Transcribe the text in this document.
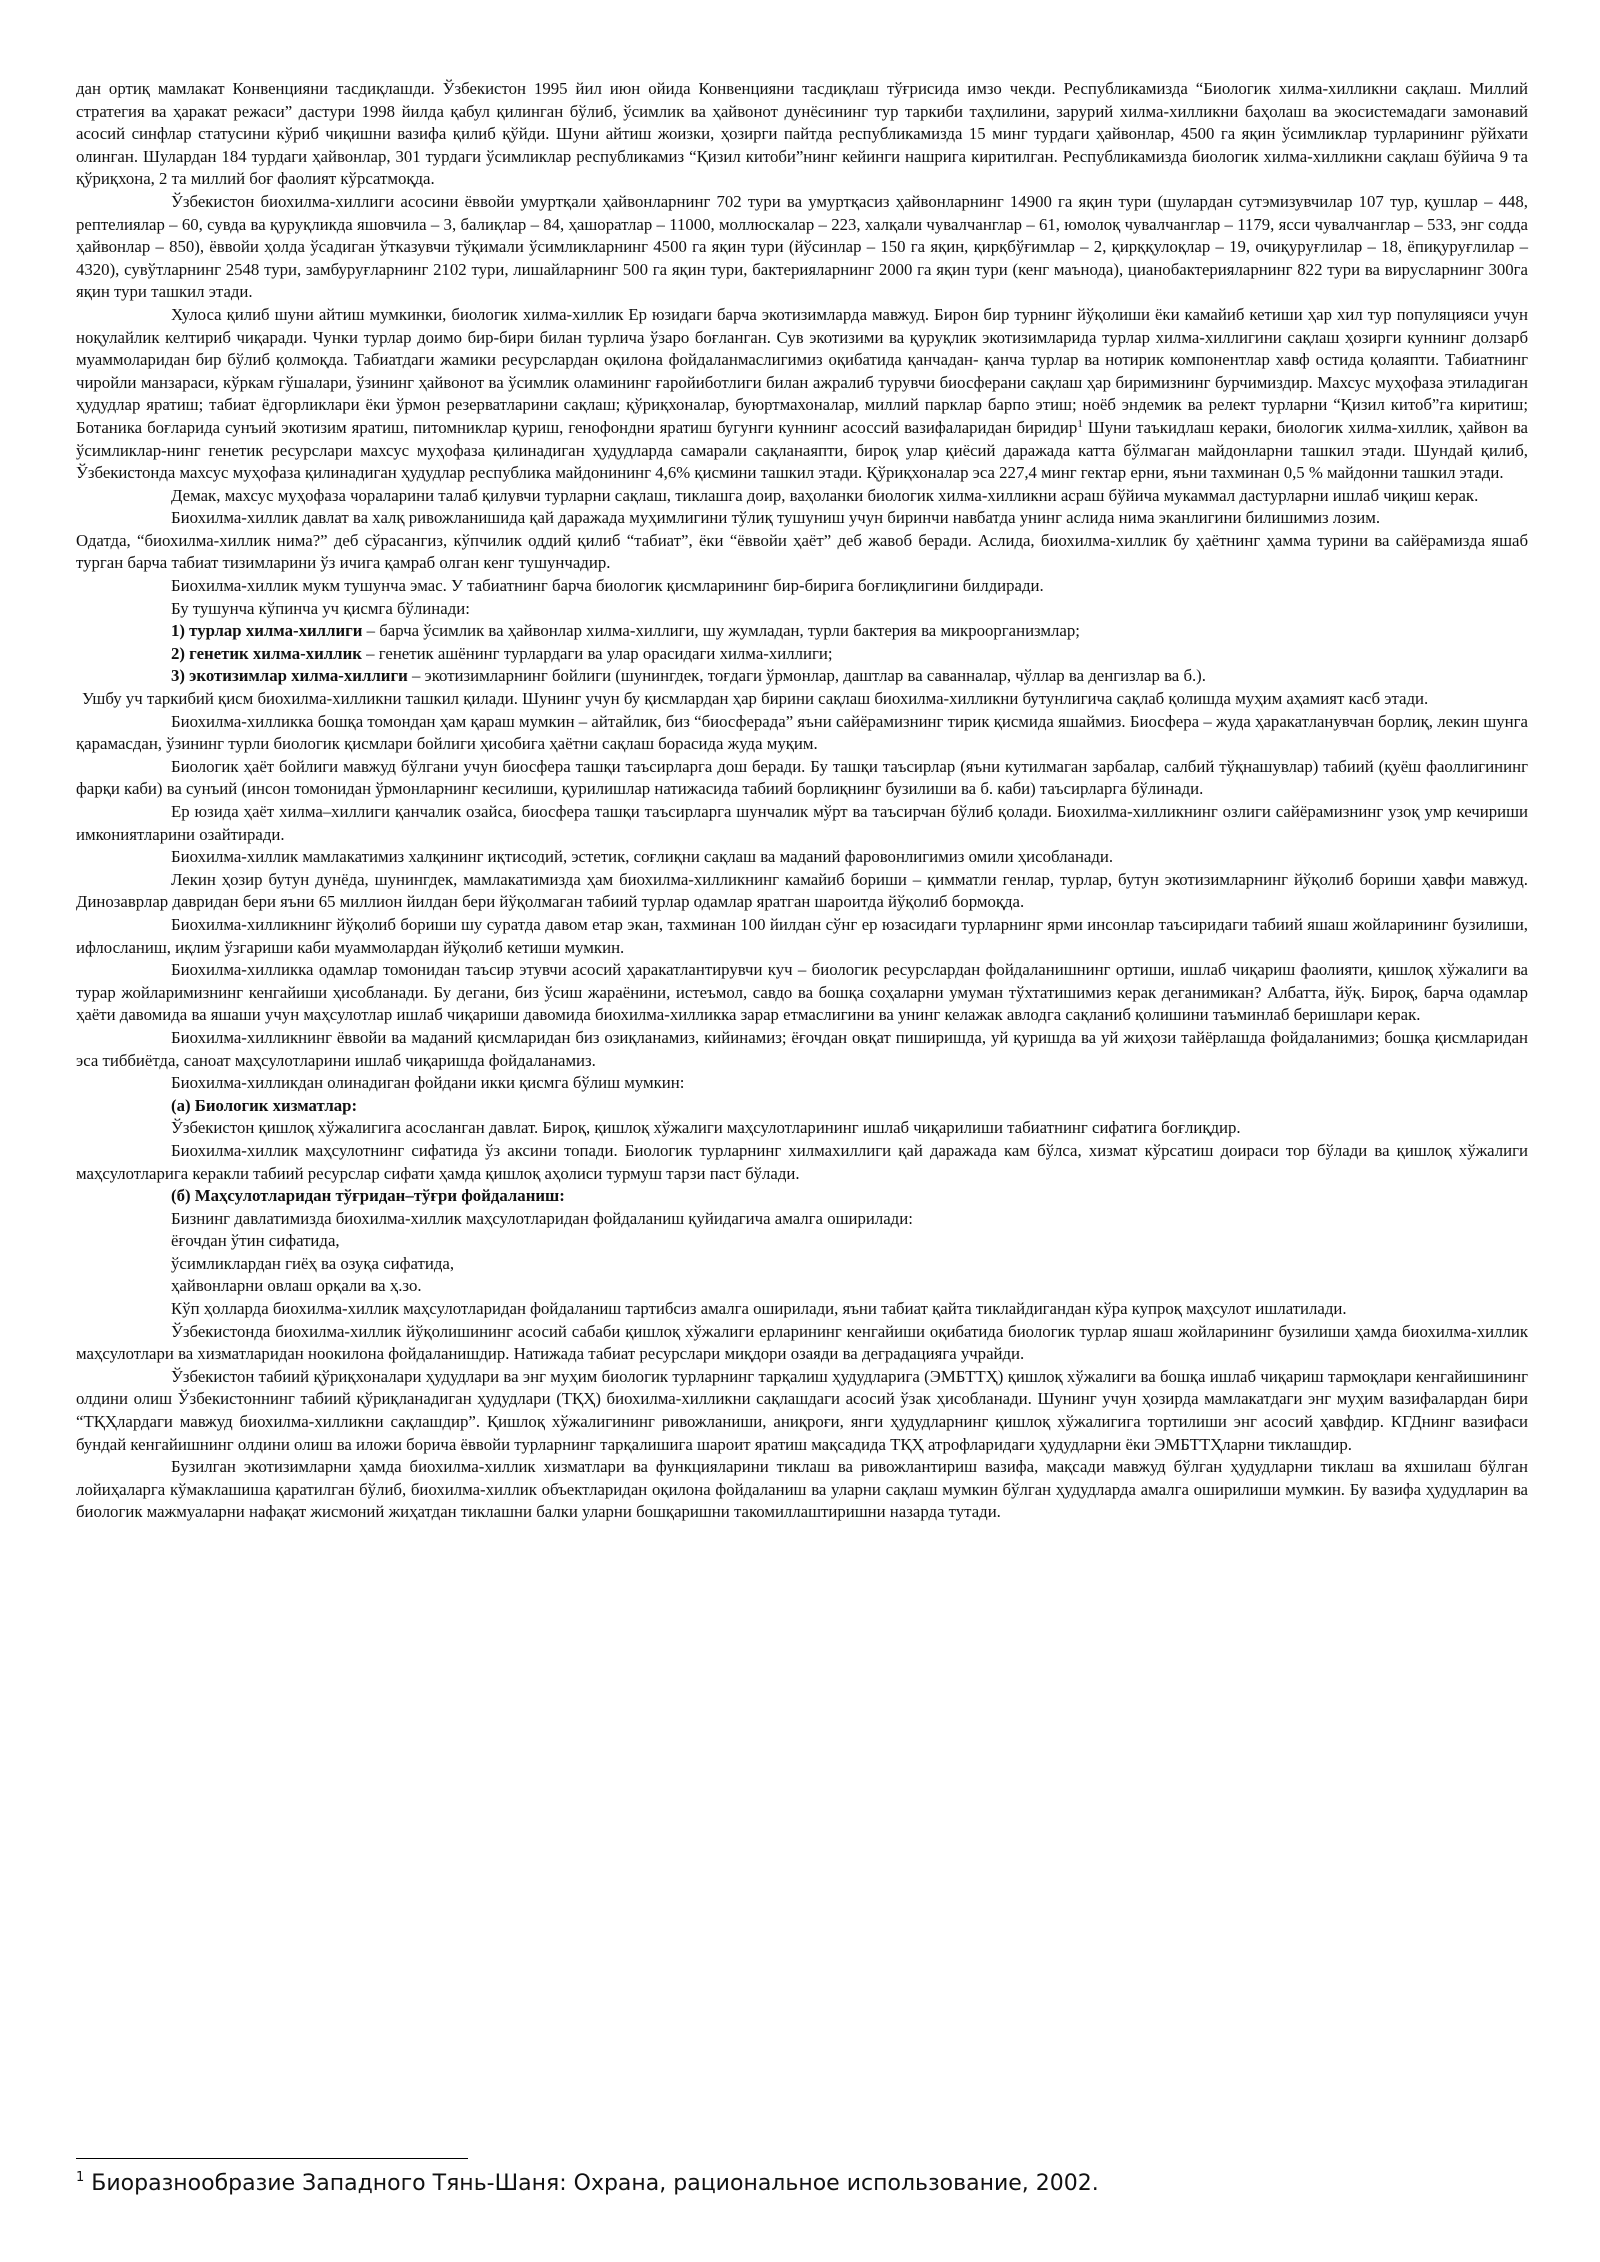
дан ортиқ мамлакат Конвенцияни тасдиқлашди. Ўзбекистон 1995 йил июн ойида Конвенцияни тасдиқлаш тўғрисида имзо чекди. Республикамизда “Биологик хилма-хилликни сақлаш. Миллий стратегия ва ҳаракат режаси” дастури 1998 йилда қабул қилинган бўлиб, ўсимлик ва ҳайвонот дунёсининг тур таркиби таҳлилини, зарурий хилма-хилликни баҳолаш ва экосистемадаги замонавий асосий синфлар статусини кўриб чиқишни вазифа қилиб қўйди. Шуни айтиш жоизки, ҳозирги пайтда республикамизда 15 минг турдаги ҳайвонлар, 4500 га яқин ўсимликлар турларининг рўйхати олинган. Шулардан 184 турдаги ҳайвонлар, 301 турдаги ўсимликлар республикамиз “Қизил китоби”нинг кейинги нашрига киритилган. Республикамизда биологик хилма-хилликни сақлаш бўйича 9 та қўриқхона, 2 та миллий боғ фаолият кўрсатмоқда.

Ўзбекистон биохилма-хиллиги асосини ёввойи умуртқали ҳайвонларнинг 702 тури ва умуртқасиз ҳайвонларнинг 14900 га яқин тури (шулардан сутэмизувчилар 107 тур, қушлар – 448, рептелиялар – 60, сувда ва қуруқликда яшовчила – 3, балиқлар – 84, ҳашоратлар – 11000, моллюскалар – 223, халқали чувалчанглар – 61, юмолоқ чувалчанглар – 1179, ясси чувалчанглар – 533, энг содда ҳайвонлар – 850), ёввойи ҳолда ўсадиган ўтказувчи тўқимали ўсимликларнинг 4500 га яқин тури (йўсинлар – 150 га яқин, қирқбўғимлар – 2, қирққулоқлар – 19, очиқуруғлилар – 18, ёпиқуруғлилар – 4320), сувўтларнинг 2548 тури, замбуруғларнинг 2102 тури, лишайларнинг 500 га яқин тури, бактерияларнинг 2000 га яқин тури (кенг маънода), цианобактерияларнинг 822 тури ва вирусларнинг 300га яқин тури ташкил этади.

Хулоса қилиб шуни айтиш мумкинки, биологик хилма-хиллик Ер юзидаги барча экотизимларда мавжуд. Бирон бир турнинг йўқолиши ёки камайиб кетиши ҳар хил тур популяцияси учун ноқулайлик келтириб чиқаради. Чунки турлар доимо бир-бири билан турлича ўзаро боғланган. Сув экотизими ва қуруқлик экотизимларида турлар хилма-хиллигини сақлаш ҳозирги куннинг долзарб муаммоларидан бир бўлиб қолмоқда. Табиатдаги жамики ресурслардан оқилона фойдаланмаслигимиз оқибатида қанчадан- қанча турлар ва нотирик компонентлар хавф остида қолаяпти. Табиатнинг чиройли манзараси, кўркам гўшалари, ўзининг ҳайвонот ва ўсимлик оламининг ғаройиботлиги билан ажралиб турувчи биосферани сақлаш ҳар биримизнинг бурчимиздир. Махсус муҳофаза этиладиган ҳудудлар яратиш; табиат ёдгорликлари ёки ўрмон резерватларини сақлаш; қўриқхоналар, буюртмахоналар, миллий парклар барпо этиш; ноёб эндемик ва релект турларни “Қизил китоб”га киритиш; Ботаника боғларида сунъий экотизим яратиш, питомниклар қуриш, генофондни яратиш бугунги куннинг асоссий вазифаларидан биридир$^1$ Шуни таъкидлаш кераки, биологик хилма-хиллик, ҳайвон ва ўсимликлар-нинг генетик ресурслари махсус муҳофаза қилинадиган ҳудудларда самарали сақланаяпти, бироқ улар қиёсий даражада катта бўлмаган майдонларни ташкил этади. Шундай қилиб, Ўзбекистонда махсус муҳофаза қилинадиган ҳудудлар республика майдонининг 4,6% қисмини ташкил этади. Қўриқхоналар эса 227,4 минг гектар ерни, яъни тахминан 0,5 % майдонни ташкил этади.

Демак, махсус муҳофаза чораларини талаб қилувчи турларни сақлаш, тиклашга доир, ваҳоланки биологик хилма-хилликни асраш бўйича мукаммал дастурларни ишлаб чиқиш керак.

Биохилма-хиллик давлат ва халқ ривожланишида қай даражада муҳимлигини тўлиқ тушуниш учун биринчи навбатда унинг аслида нима эканлигини билишимиз лозим.

Одатда, “биохилма-хиллик нима?” деб сўрасангиз, кўпчилик оддий қилиб “табиат”, ёки “ёввойи ҳаёт” деб жавоб беради. Аслида, биохилма-хиллик бу ҳаётнинг ҳамма турини ва сайёрамизда яшаб турган барча табиат тизимларини ўз ичига қамраб олган кенг тушунчадир.

Биохилма-хиллик мукм тушунча эмас. У табиатнинг барча биологик қисмларининг бир-бирига боғлиқлигини билдиради.

Бу тушунча кўпинча уч қисмга бўлинади:

1) турлар хилма-хиллиги – барча ўсимлик ва ҳайвонлар хилма-хиллиги, шу жумладан, турли бактерия ва микроорганизмлар;

2) генетик хилма-хиллик – генетик ашёнинг турлардаги ва улар орасидаги хилма-хиллиги;

3) экотизимлар хилма-хиллиги – экотизимларнинг бойлиги (шунингдек, тоғдаги ўрмонлар, даштлар ва саванналар, чўллар ва денгизлар ва б.).

Ушбу уч таркибий қисм биохилма-хилликни ташкил қилади. Шунинг учун бу қисмлардан ҳар бирини сақлаш биохилма-хилликни бутунлигича сақлаб қолишда муҳим аҳамият касб этади.

Биохилма-хилликка бошқа томондан ҳам қараш мумкин – айтайлик, биз “биосферада” яъни сайёрамизнинг тирик қисмида яшаймиз. Биосфера – жуда ҳаракатланувчан борлиқ, лекин шунга қарамасдан, ўзининг турли биологик қисмлари бойлиги ҳисобига ҳаётни сақлаш борасида жуда муқим.

Биологик ҳаёт бойлиги мавжуд бўлгани учун биосфера ташқи таъсирларга дош беради. Бу ташқи таъсирлар (яъни кутилмаган зарбалар, салбий тўқнашувлар) табиий (қуёш фаоллигининг фарқи каби) ва сунъий (инсон томонидан ўрмонларнинг кесилиши, қурилишлар натижасида табиий борлиқнинг бузилиши ва б. каби) таъсирларга бўлинади.

Ер юзида ҳаёт хилма–хиллиги қанчалик озайса, биосфера ташқи таъсирларга шунчалик мўрт ва таъсирчан бўлиб қолади. Биохилма-хилликнинг озлиги сайёрамизнинг узоқ умр кечириши имкониятларини озайтиради.

Биохилма-хиллик мамлакатимиз халқининг иқтисодий, эстетик, соғлиқни сақлаш ва маданий фаровонлигимиз омили ҳисобланади.

Лекин ҳозир бутун дунёда, шунингдек, мамлакатимизда ҳам биохилма-хилликнинг камайиб бориши – қимматли генлар, турлар, бутун экотизимларнинг йўқолиб бориши ҳавфи мавжуд. Динозаврлар давридан бери яъни 65 миллион йилдан бери йўқолмаган табиий турлар одамлар яратган шароитда йўқолиб бормоқда.

Биохилма-хилликнинг йўқолиб бориши шу суратда давом етар экан, тахминан 100 йилдан сўнг ер юзасидаги турларнинг ярми инсонлар таъсиридаги табиий яшаш жойларининг бузилиши, ифлосланиш, иқлим ўзгариши каби муаммолардан йўқолиб кетиши мумкин.

Биохилма-хилликка одамлар томонидан таъсир этувчи асосий ҳаракатлантирувчи куч – биологик ресурслардан фойдаланишнинг ортиши, ишлаб чиқариш фаолияти, қишлоқ хўжалиги ва турар жойларимизнинг кенгайиши ҳисобланади. Бу дегани, биз ўсиш жараёнини, истеъмол, савдо ва бошқа соҳаларни умуман тўхтатишимиз керак деганимикан? Албатта, йўқ. Бироқ, барча одамлар ҳаёти давомида ва яшаши учун маҳсулотлар ишлаб чиқариши давомида биохилма-хилликка зарар етмаслигини ва унинг келажак авлодга сақланиб қолишини таъминлаб беришлари керак.

Биохилма-хилликнинг ёввойи ва маданий қисмларидан биз озиқланамиз, кийинамиз; ёғочдан овқат пиширишда, уй қуришда ва уй жиҳози тайёрлашда фойдаланимиз; бошқа қисмларидан эса тиббиётда, саноат маҳсулотларини ишлаб чиқаришда фойдаланамиз.

Биохилма-хилликдан олинадиган фойдани икки қисмга бўлиш мумкин:

(а) Биологик хизматлар:

Ўзбекистон қишлоқ хўжалигига асосланган давлат. Бироқ, қишлоқ хўжалиги маҳсулотларининг ишлаб чиқарилиши табиатнинг сифатига боғлиқдир.

Биохилма-хиллик маҳсулотнинг сифатида ўз аксини топади. Биологик турларнинг хилмахиллиги қай даражада кам бўлса, хизмат кўрсатиш доираси тор бўлади ва қишлоқ хўжалиги маҳсулотларига керакли табиий ресурслар сифати ҳамда қишлоқ аҳолиси турмуш тарзи паст бўлади.

(б) Маҳсулотларидан тўғридан–тўғри фойдаланиш:

Бизнинг давлатимизда биохилма-хиллик маҳсулотларидан фойдаланиш қуйидагича амалга оширилади:

ёғочдан ўтин сифатида,

ўсимликлардан гиёҳ ва озуқа сифатида,

ҳайвонларни овлаш орқали ва ҳ.зо.

Кўп ҳолларда биохилма-хиллик маҳсулотларидан фойдаланиш тартибсиз амалга оширилади, яъни табиат қайта тиклайдигандан кўра купроқ маҳсулот ишлатилади.

Ўзбекистонда биохилма-хиллик йўқолишининг асосий сабаби қишлоқ хўжалиги ерларининг кенгайиши оқибатида биологик турлар яшаш жойларининг бузилиши ҳамда биохилма-хиллик маҳсулотлари ва хизматларидан ноокилона фойдаланишдир. Натижада табиат ресурслари миқдори озаяди ва деградацияга учрайди.

Ўзбекистон табиий қўриқхоналари ҳудудлари ва энг муҳим биологик турларнинг тарқалиш ҳудудларига (ЭМБТТҲ) қишлоқ хўжалиги ва бошқа ишлаб чиқариш тармоқлари кенгайишининг олдини олиш Ўзбекистоннинг табиий қўриқланадиган ҳудудлари (ТҚҲ) биохилма-хилликни сақлашдаги асосий ўзак ҳисобланади. Шунинг учун ҳозирда мамлакатдаги энг муҳим вазифалардан бири “ТҚҲлардаги мавжуд биохилма-хилликни сақлашдир”. Қишлоқ хўжалигининг ривожланиши, аниқроғи, янги ҳудудларнинг қишлоқ хўжалигига тортилиши энг асосий ҳавфдир. КГДнинг вазифаси бундай кенгайишнинг олдини олиш ва иложи борича ёввойи турларнинг тарқалишига шароит яратиш мақсадида ТҚҲ атрофларидаги ҳудудларни ёки ЭМБТТҲларни тиклашдир.

Бузилган экотизимларни ҳамда биохилма-хиллик хизматлари ва функцияларини тиклаш ва ривожлантириш вазифа, мақсади мавжуд бўлган ҳудудларни тиклаш ва яхшилаш бўлган лойиҳаларга кўмаклашиша қаратилган бўлиб, биохилма-хиллик объектларидан оқилона фойдаланиш ва уларни сақлаш мумкин бўлган ҳудудларда амалга оширилиши мумкин. Бу вазифа ҳудудларин ва биологик мажмуаларни нафақат жисмоний жиҳатдан тиклашни балки уларни бошқаришни такомиллаштиришни назарда тутади.

$^1$ Биоразнообразие Западного Тянь-Шаня: Охрана, рациональное использование, 2002.
